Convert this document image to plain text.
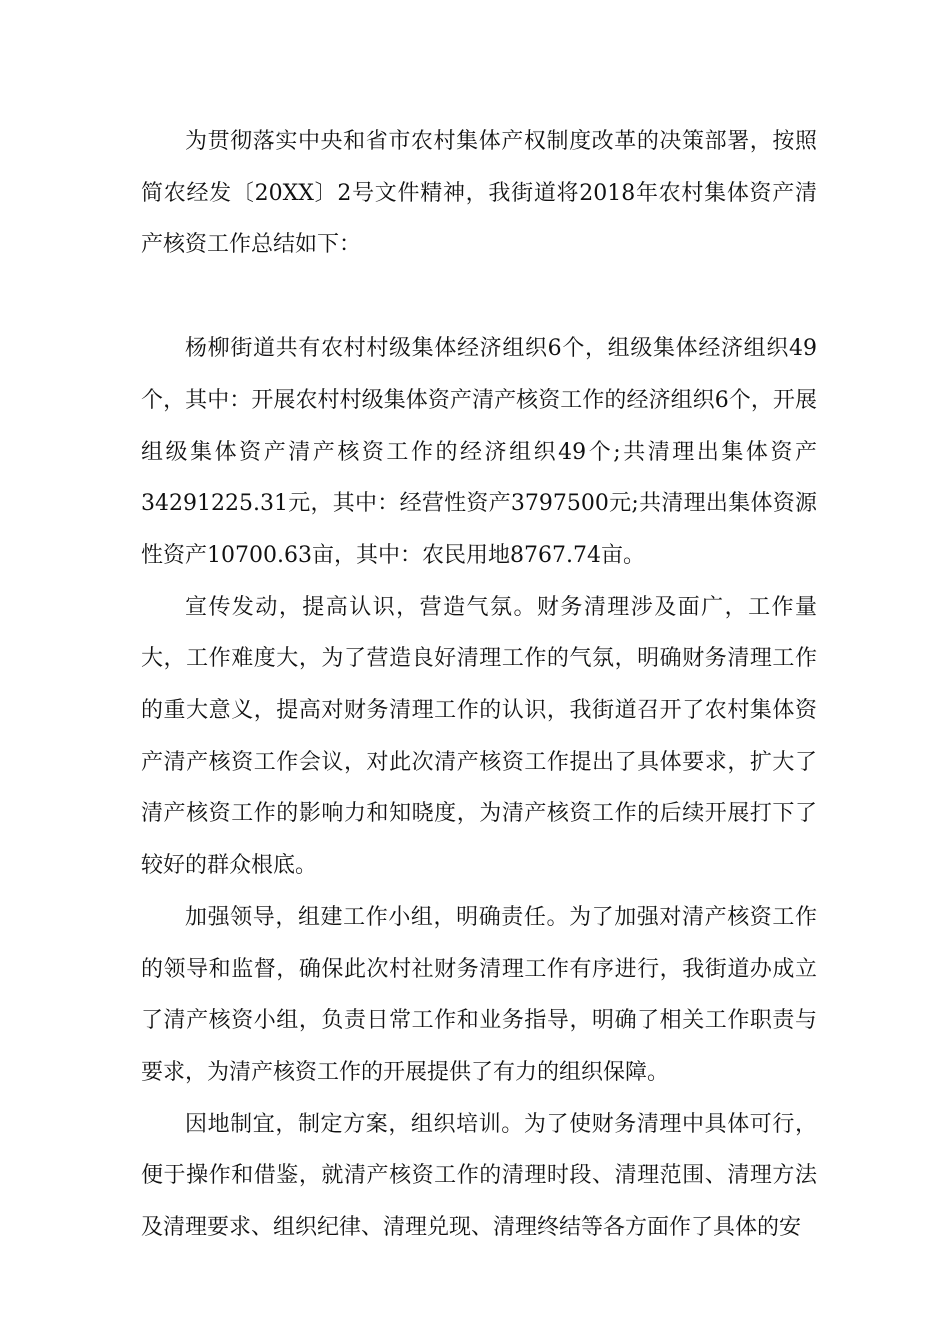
为贯彻落实中央和省市农村集体产权制度改革的决策部署，按照简农经发〔20XX〕2号文件精神，我街道将2018年农村集体资产清产核资工作总结如下：

杨柳街道共有农村村级集体经济组织6个，组级集体经济组织49个，其中：开展农村村级集体资产清产核资工作的经济组织6个，开展组级集体资产清产核资工作的经济组织49个;共清理出集体资产34291225.31元，其中：经营性资产3797500元;共清理出集体资源性资产10700.63亩，其中：农民用地8767.74亩。

宣传发动，提高认识，营造气氛。财务清理涉及面广，工作量大，工作难度大，为了营造良好清理工作的气氛，明确财务清理工作的重大意义，提高对财务清理工作的认识，我街道召开了农村集体资产清产核资工作会议，对此次清产核资工作提出了具体要求，扩大了清产核资工作的影响力和知晓度，为清产核资工作的后续开展打下了较好的群众根底。

加强领导，组建工作小组，明确责任。为了加强对清产核资工作的领导和监督，确保此次村社财务清理工作有序进行，我街道办成立了清产核资小组，负责日常工作和业务指导，明确了相关工作职责与要求，为清产核资工作的开展提供了有力的组织保障。

因地制宜，制定方案，组织培训。为了使财务清理中具体可行，便于操作和借鉴，就清产核资工作的清理时段、清理范围、清理方法及清理要求、组织纪律、清理兑现、清理终结等各方面作了具体的安
